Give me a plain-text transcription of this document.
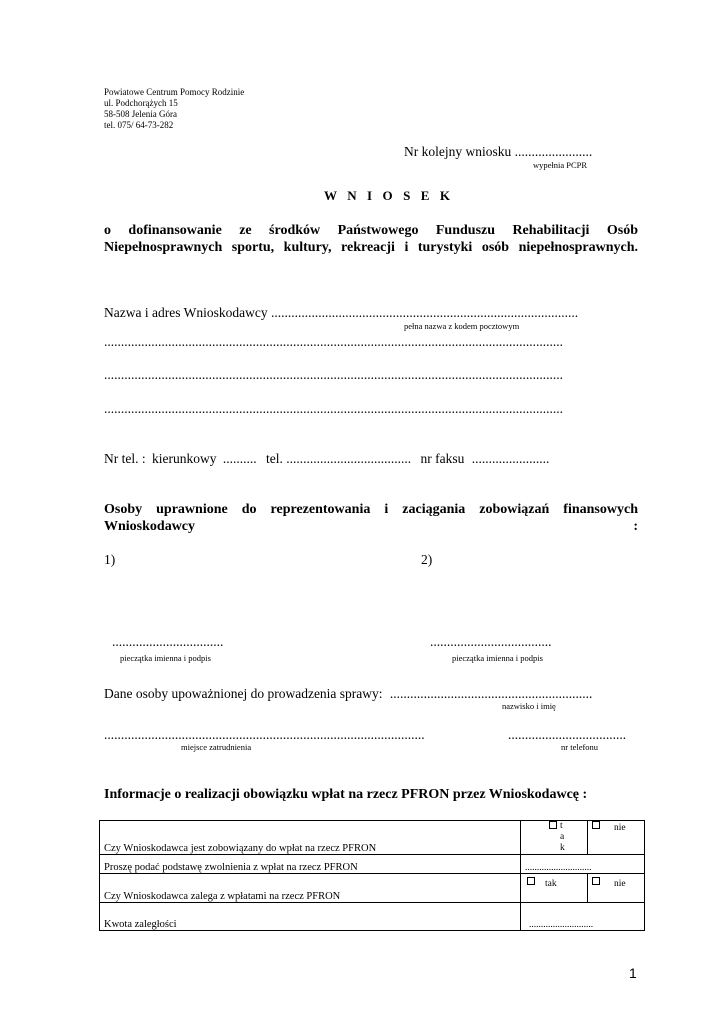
Powiatowe Centrum Pomocy Rodzinie
ul. Podchorążych 15
58-508 Jelenia Góra
tel. 075/ 64-73-282
Nr kolejny wniosku .......................
wypełnia PCPR
W N I O S E K
o dofinansowanie ze środków Państwowego Funduszu Rehabilitacji Osób Niepełnosprawnych sportu, kultury, rekreacji i turystyki osób niepełnosprawnych.
Nazwa i adres Wnioskodawcy ...........................................................................................
pełna nazwa z kodem pocztowym
........................................................................................................................................
........................................................................................................................................
........................................................................................................................................
Nr tel. : kierunkowy .......... tel. ..................................... nr faksu .......................
Osoby uprawnione do reprezentowania i zaciągania zobowiązań finansowych Wnioskodawcy :
1)	2)
.................................	....................................
pieczątka imienna i podpis	pieczątka imienna i podpis
Dane osoby upoważnionej do prowadzenia sprawy: ............................................................
nazwisko i imię
...............................................................................................	...................................
miejsce zatrudnienia	nr telefonu
Informacje o realizacji obowiązku wpłat na rzecz PFRON przez Wnioskodawcę :
Czy Wnioskodawca jest zobowiązany do wpłat na rzecz PFRON	tak	nie
Proszę podać podstawę zwolnienia z wpłat na rzecz PFRON	............................	
Czy Wnioskodawca zalega z wpłatami na rzecz PFRON	tak	nie
Kwota zaległości	...........................	
1
